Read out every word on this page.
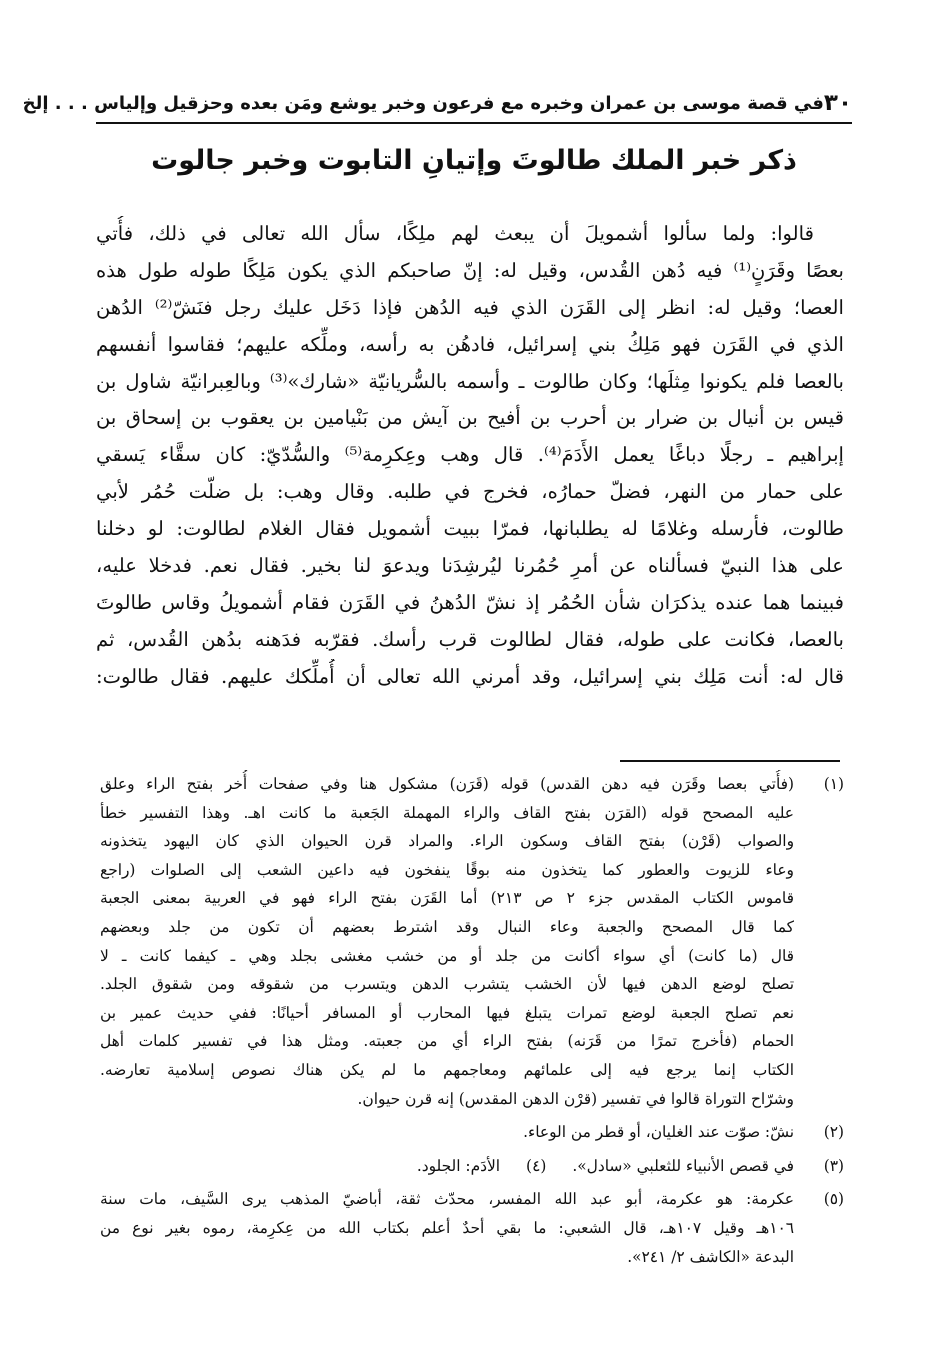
٣٠
في قصة موسى بن عمران وخبره مع فرعون وخبر يوشع ومَن بعده وحزقيل وإلياس . . . إلخ
ذكر خبر الملك طالوتَ وإتيانِ التابوت وخبر جالوت
قالوا: ولما سألوا أشمويلَ أن يبعث لهم ملِكًا، سأل الله تعالى في ذلك، فأُتي
بعصًا وقَرَنٍ⁽¹⁾ فيه دُهن القُدس، وقيل له: إنّ صاحبكم الذي يكون مَلِكًا طوله طول هذه
العصا؛ وقيل له: انظر إلى القَرَن الذي فيه الدُهن فإذا دَخَل عليك رجل فنَشّ⁽²⁾ الدُهن
الذي في القَرَن فهو مَلِكُ بني إسرائيل، فادهُن به رأسه، وملِّكه عليهم؛ فقاسوا أنفسهم
بالعصا فلم يكونوا مِثلَها؛ وكان طالوت ـ وأسمه بالسُّريانيّة «شارك»⁽³⁾ وبالعِبرانيّة شاول بن
قيس بن أنيال بن ضرار بن أحرب بن أفيح بن آيش من بَنْيامين بن يعقوب بن إسحاق بن
إبراهيم ـ رجلًا دباغًا يعمل الأَدَمَ⁽⁴⁾. قال وهب وعِكرِمة⁽⁵⁾ والسُّدّيّ: كان سقَّاء يَسقي
على حمار من النهر، فضلّ حمارُه، فخرج في طلبه. وقال وهب: بل ضلّت حُمُر لأبي
طالوت، فأرسله وغلامًا له يطلبانها، فمرّا ببيت أشمويل فقال الغلام لطالوت: لو دخلنا
على هذا النبيّ فسألناه عن أمرِ حُمُرنا ليُرشِدَنا ويدعوَ لنا بخير. فقال نعم. فدخلا عليه،
فبينما هما عنده يذكرَان شأن الحُمُر إذ نشّ الدُهنُ في القَرَن فقام أشمويلُ وقاس طالوتَ
بالعصا، فكانت على طوله، فقال لطالوت قرب رأسك. فقرّبه فدَهنه بدُهن القُدس، ثم
قال له: أنت مَلِك بني إسرائيل، وقد أمرني الله تعالى أن أُملِّكك عليهم. فقال طالوت:
(١)
(فأُتي بعصا وقَرَن فيه دهن القدس) قوله (قَرَن) مشكول هنا وفي صفحات أُخر بفتح الراء وعلق
عليه المصحح قوله (القرَن بفتح القاف والراء المهملة الجَعبة ما كانت اهـ. وهذا التفسير خطأ
والصواب (قَرْن) بفتح القاف وسكون الراء. والمراد قرن الحيوان الذي كان اليهود يتخذونه
وعاء للزيوت والعطور كما يتخذون منه بوقًا ينفخون فيه داعين الشعب إلى الصلوات (راجع
قاموس الكتاب المقدس جزء ٢ ص ٢١٣) أما القَرَن بفتح الراء فهو في العربية بمعنى الجعبة
كما قال المصحح والجعبة وعاء النبال وقد اشترط بعضهم أن تكون من جلد وبعضهم
قال (ما كانت) أي سواء أكانت من جلد أو من خشب مغشى بجلد وهي ـ كيفما كانت ـ لا
تصلح لوضع الدهن فيها لأن الخشب يتشرب الدهن ويتسرب من شقوقه ومن شقوق الجلد.
نعم تصلح الجعبة لوضع تمرات يتبلغ فيها المحارب أو المسافر أحيانًا: ففي حديث عمير بن
الحمام (فأخرج تمرًا من قَرَنه) بفتح الراء أي من جعبته. ومثل هذا في تفسير كلمات أهل
الكتاب إنما يرجع فيه إلى علمائهم ومعاجمهم ما لم يكن هناك نصوص إسلامية تعارضه.
وشرّاح التوراة قالوا في تفسير (قرْن الدهن المقدس) إنه قرن حيوان.
(٢)
نشّ: صوّت عند الغليان، أو قطر من الوعاء.
(٣)
في قصص الأنبياء للثعلبي «سادل».
(٤)
الأدَم: الجلود.
(٥)
عكرمة: هو عكرمة، أبو عبد الله المفسر، محدّث ثقة، أباضيّ المذهب يرى السَّيف، مات سنة
١٠٦هـ وقيل ١٠٧هـ، قال الشعبي: ما بقي أحدٌ أعلم بكتاب الله من عِكرِمة، رموه بغير نوع من
البدعة «الكاشف ٢/ ٢٤١».
